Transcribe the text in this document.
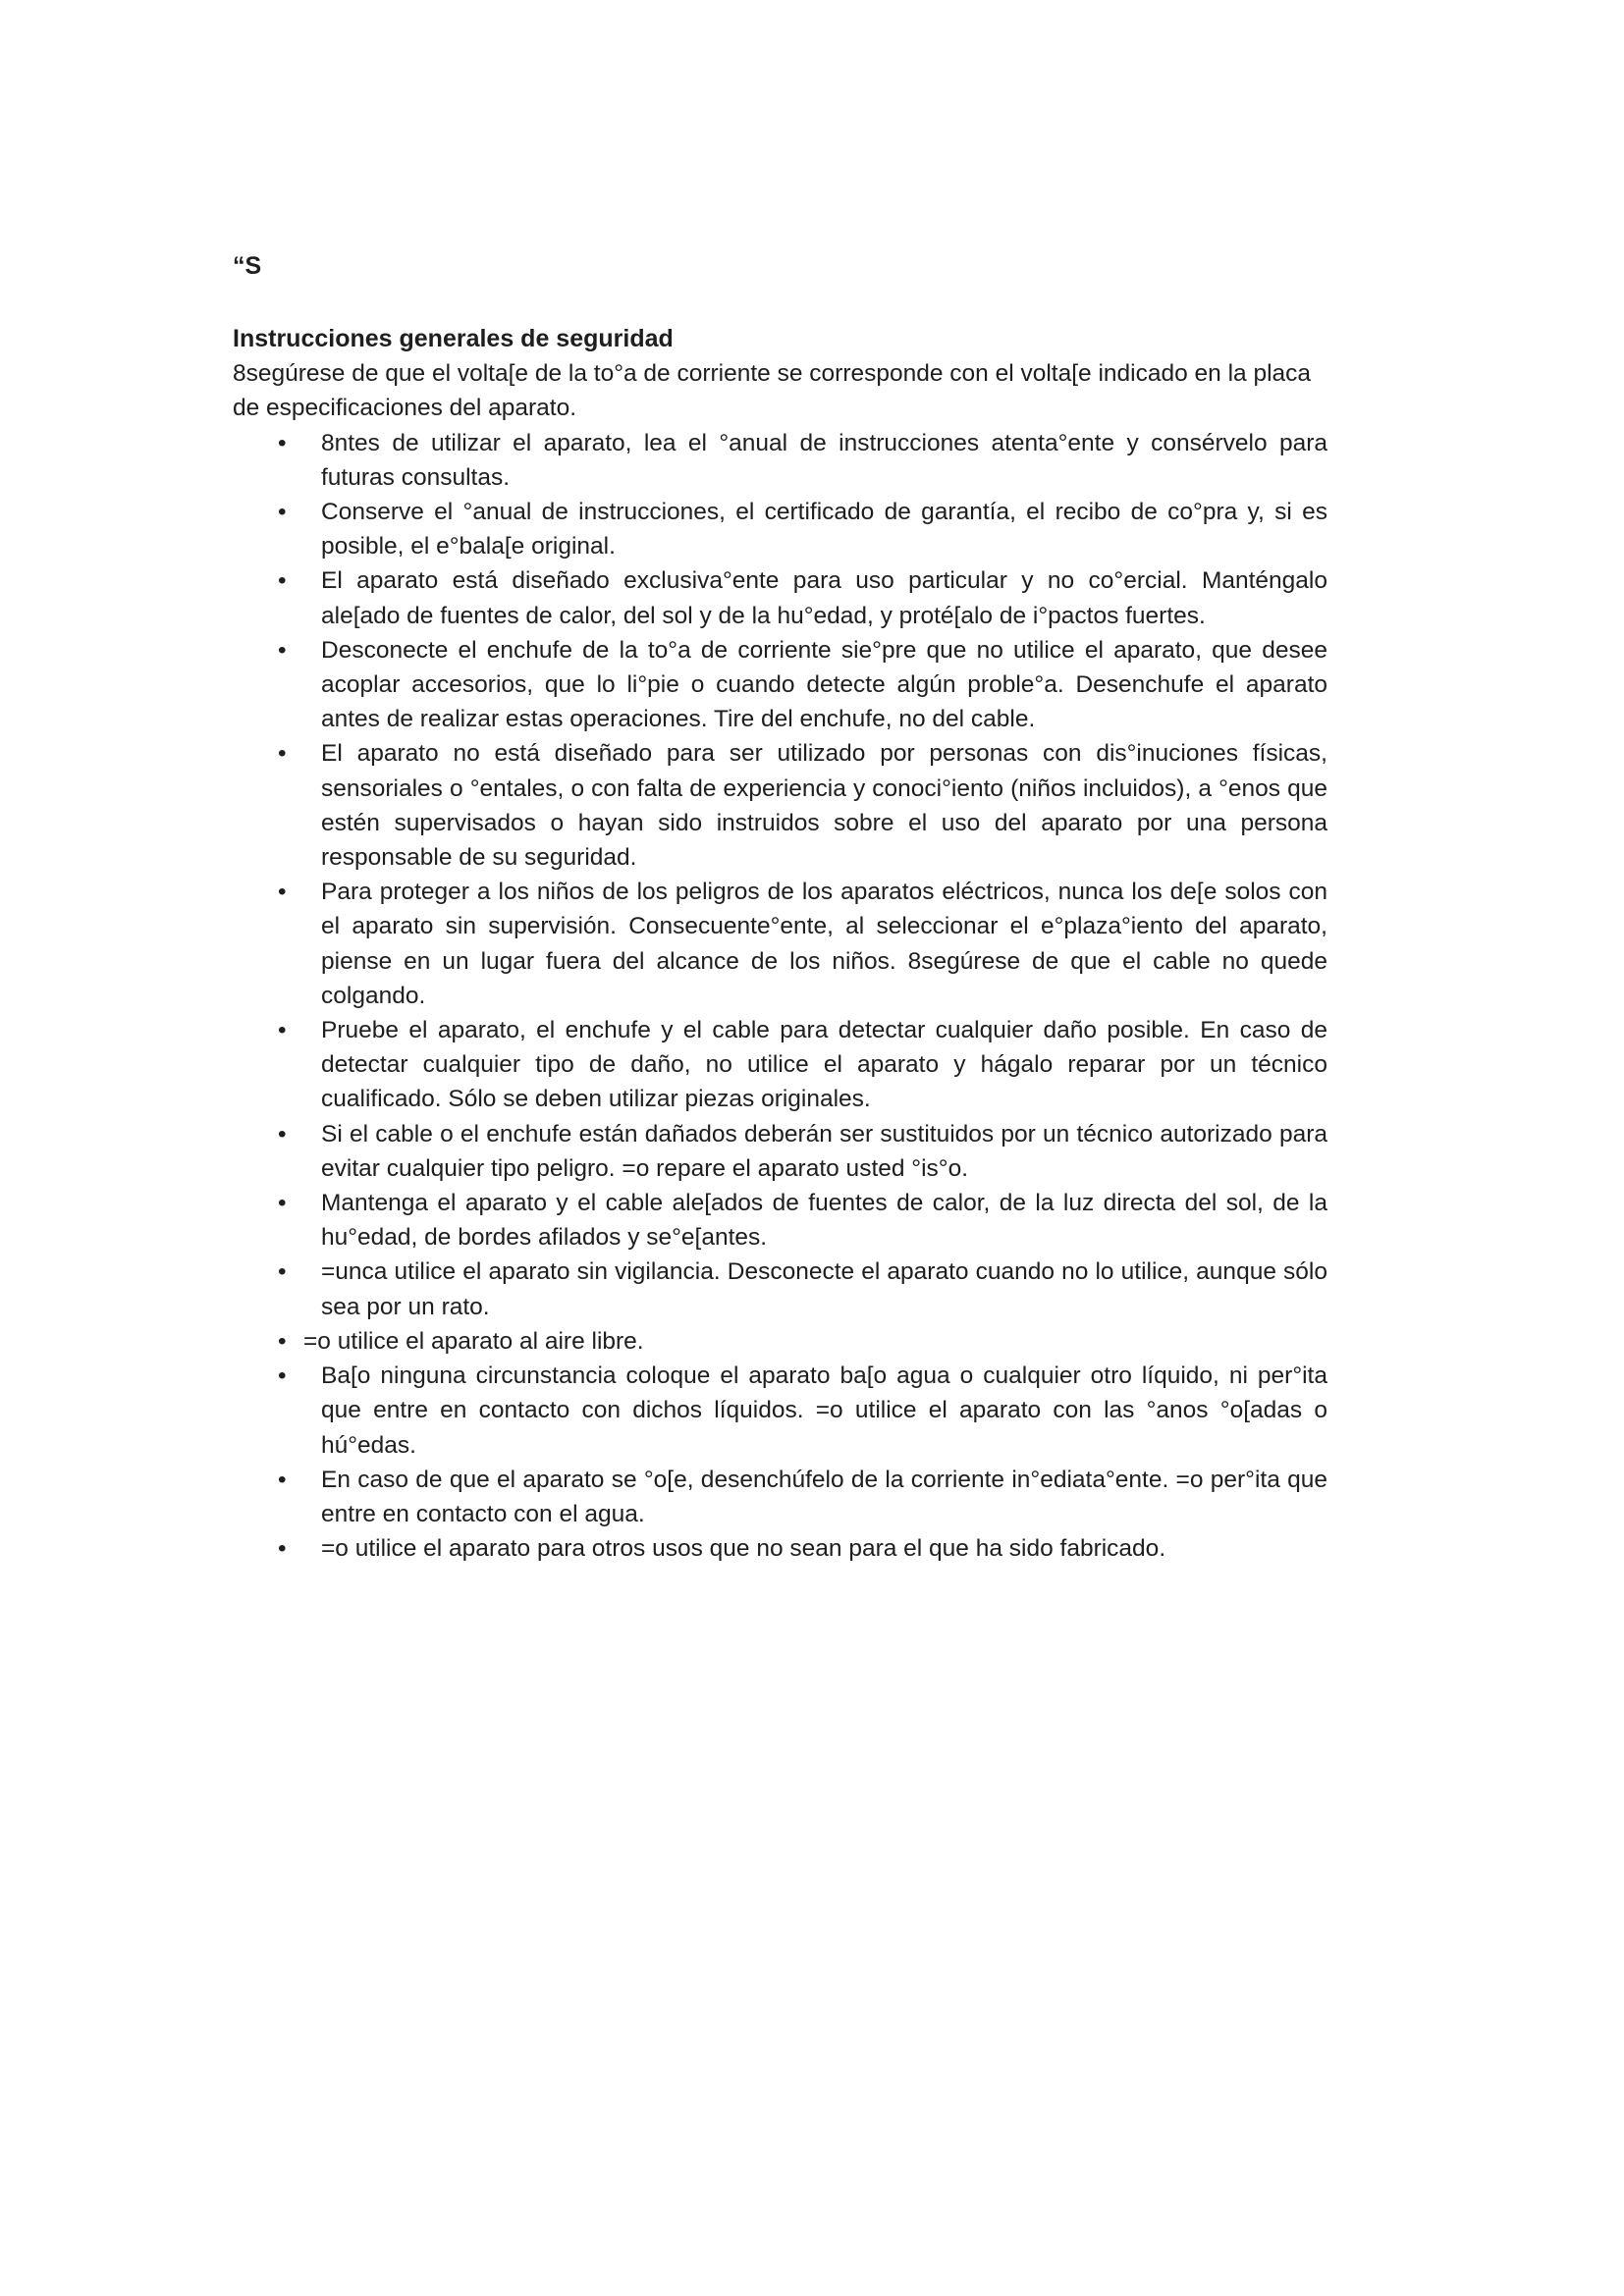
“S

Instrucciones generales de seguridad

8segúrese de que el volta[e de la to°a de corriente se corresponde con el volta[e indicado en la placa de especificaciones del aparato.

•	8ntes de utilizar el aparato, lea el °anual de instrucciones atenta°ente y consérvelo para futuras consultas.
•	Conserve el °anual de instrucciones, el certificado de garantía, el recibo de co°pra y, si es posible, el e°bala[e original.
•	El aparato está diseñado exclusiva°ente para uso particular y no co°ercial. Manténgalo ale[ado de fuentes de calor, del sol y de la hu°edad, y proté[alo de i°pactos fuertes.
•	Desconecte el enchufe de la to°a de corriente sie°pre que no utilice el aparato, que desee acoplar accesorios, que lo li°pie o cuando detecte algún proble°a. Desenchufe el aparato antes de realizar estas operaciones. Tire del enchufe, no del cable.
•	El aparato no está diseñado para ser utilizado por personas con dis°inuciones físicas, sensoriales o °entales, o con falta de experiencia y conoci°iento (niños incluidos), a °enos que estén supervisados o hayan sido instruidos sobre el uso del aparato por una persona responsable de su seguridad.
•	Para proteger a los niños de los peligros de los aparatos eléctricos, nunca los de[e solos con el aparato sin supervisión. Consecuente°ente, al seleccionar el e°plaza°iento del aparato, piense en un lugar fuera del alcance de los niños. 8segúrese de que el cable no quede colgando.
•	Pruebe el aparato, el enchufe y el cable para detectar cualquier daño posible. En caso de detectar cualquier tipo de daño, no utilice el aparato y hágalo reparar por un técnico cualificado. Sólo se deben utilizar piezas originales.
•	Si el cable o el enchufe están dañados deberán ser sustituidos por un técnico autorizado para evitar cualquier tipo peligro. =o repare el aparato usted °is°o.
•	Mantenga el aparato y el cable ale[ados de fuentes de calor, de la luz directa del sol, de la hu°edad, de bordes afilados y se°e[antes.
•	=unca utilice el aparato sin vigilancia. Desconecte el aparato cuando no lo utilice, aunque sólo sea por un rato.
• =o utilice el aparato al aire libre.
•	Ba[o ninguna circunstancia coloque el aparato ba[o agua o cualquier otro líquido, ni per°ita que entre en contacto con dichos líquidos. =o utilice el aparato con las °anos °o[adas o hú°edas.
•	En caso de que el aparato se °o[e, desenchúfelo de la corriente in°ediata°ente. =o per°ita que entre en contacto con el agua.
•	=o utilice el aparato para otros usos que no sean para el que ha sido fabricado.
